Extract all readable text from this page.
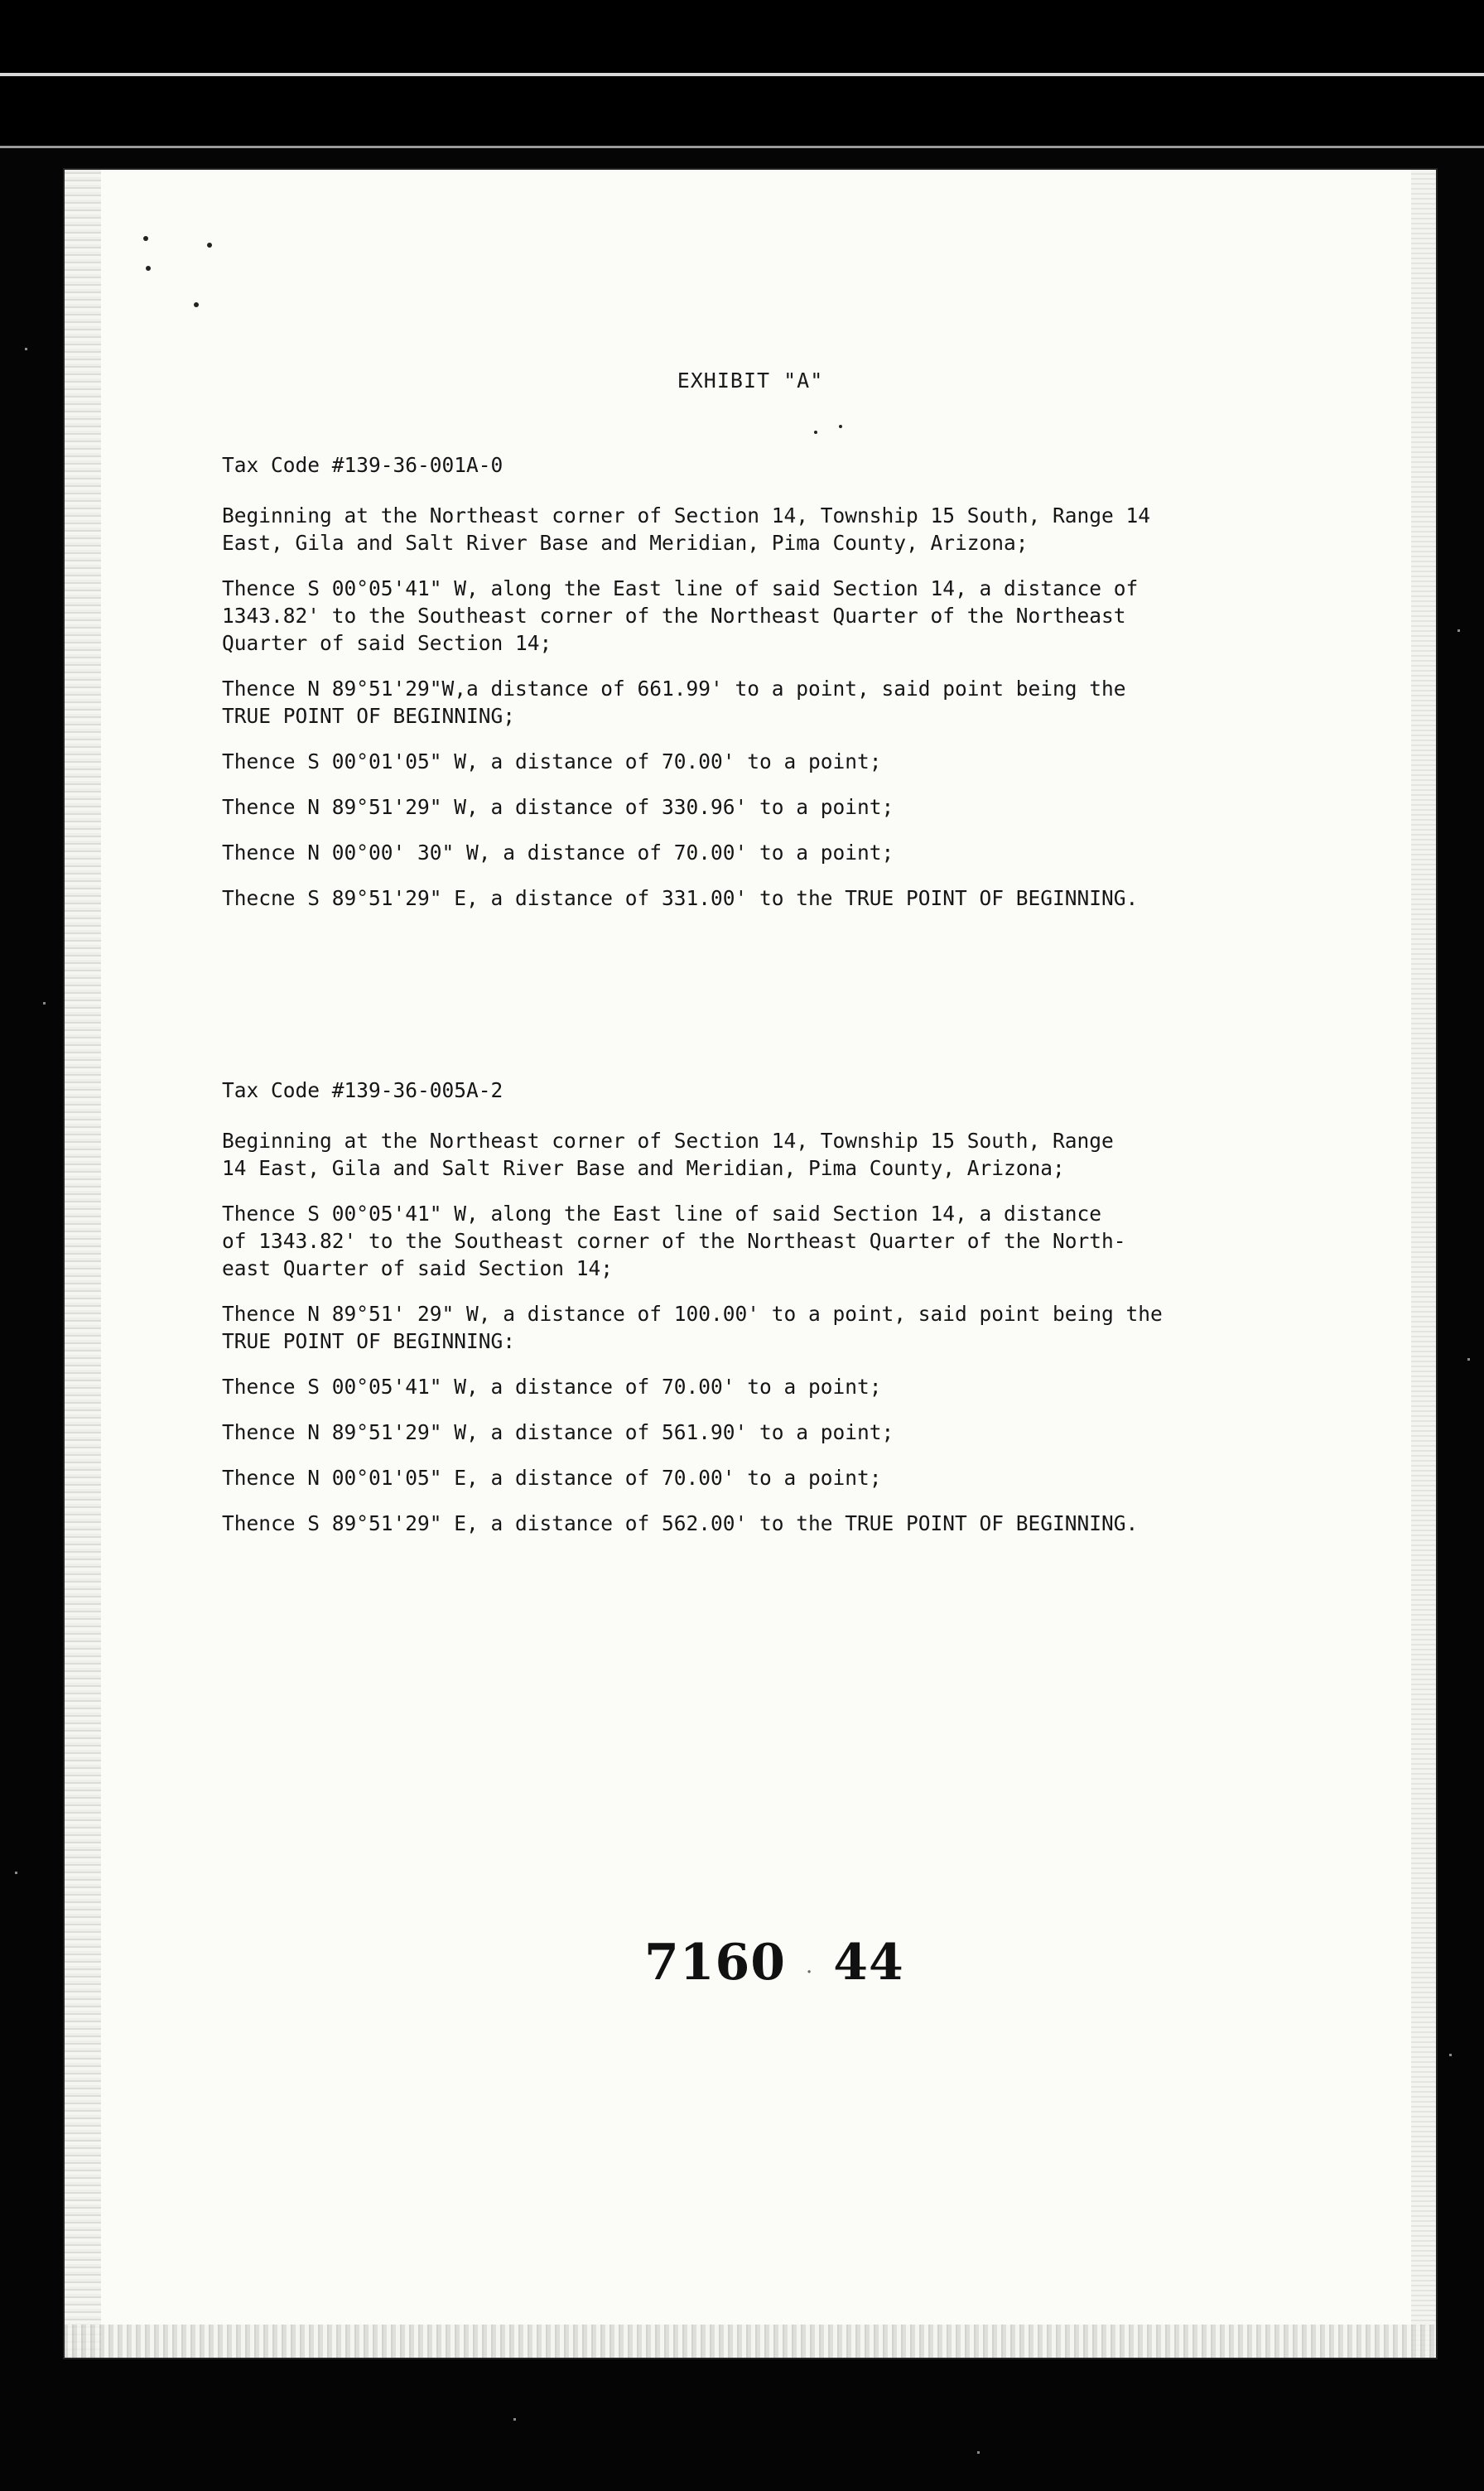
EXHIBIT "A"

Tax Code #139-36-001A-0

Beginning at the Northeast corner of Section 14, Township 15 South, Range 14
East, Gila and Salt River Base and Meridian, Pima County, Arizona;

Thence S 00°05'41" W, along the East line of said Section 14, a distance of
1343.82' to the Southeast corner of the Northeast Quarter of the Northeast
Quarter of said Section 14;

Thence N 89°51'29"W,a distance of 661.99' to a point, said point being the
TRUE POINT OF BEGINNING;

Thence S 00°01'05" W, a distance of 70.00' to a point;

Thence N 89°51'29" W, a distance of 330.96' to a point;

Thence N 00°00' 30" W, a distance of 70.00' to a point;

Thecne S 89°51'29" E, a distance of 331.00' to the TRUE POINT OF BEGINNING.

Tax Code #139-36-005A-2

Beginning at the Northeast corner of Section 14, Township 15 South, Range
14 East, Gila and Salt River Base and Meridian, Pima County, Arizona;

Thence S 00°05'41" W, along the East line of said Section 14, a distance
of 1343.82' to the Southeast corner of the Northeast Quarter of the North-
east Quarter of said Section 14;

Thence N 89°51' 29" W, a distance of 100.00' to a point, said point being the
TRUE POINT OF BEGINNING:

Thence S 00°05'41" W, a distance of 70.00' to a point;

Thence N 89°51'29" W, a distance of 561.90' to a point;

Thence N 00°01'05" E, a distance of 70.00' to a point;

Thence S 89°51'29" E, a distance of 562.00' to the TRUE POINT OF BEGINNING.

7160 · 44
